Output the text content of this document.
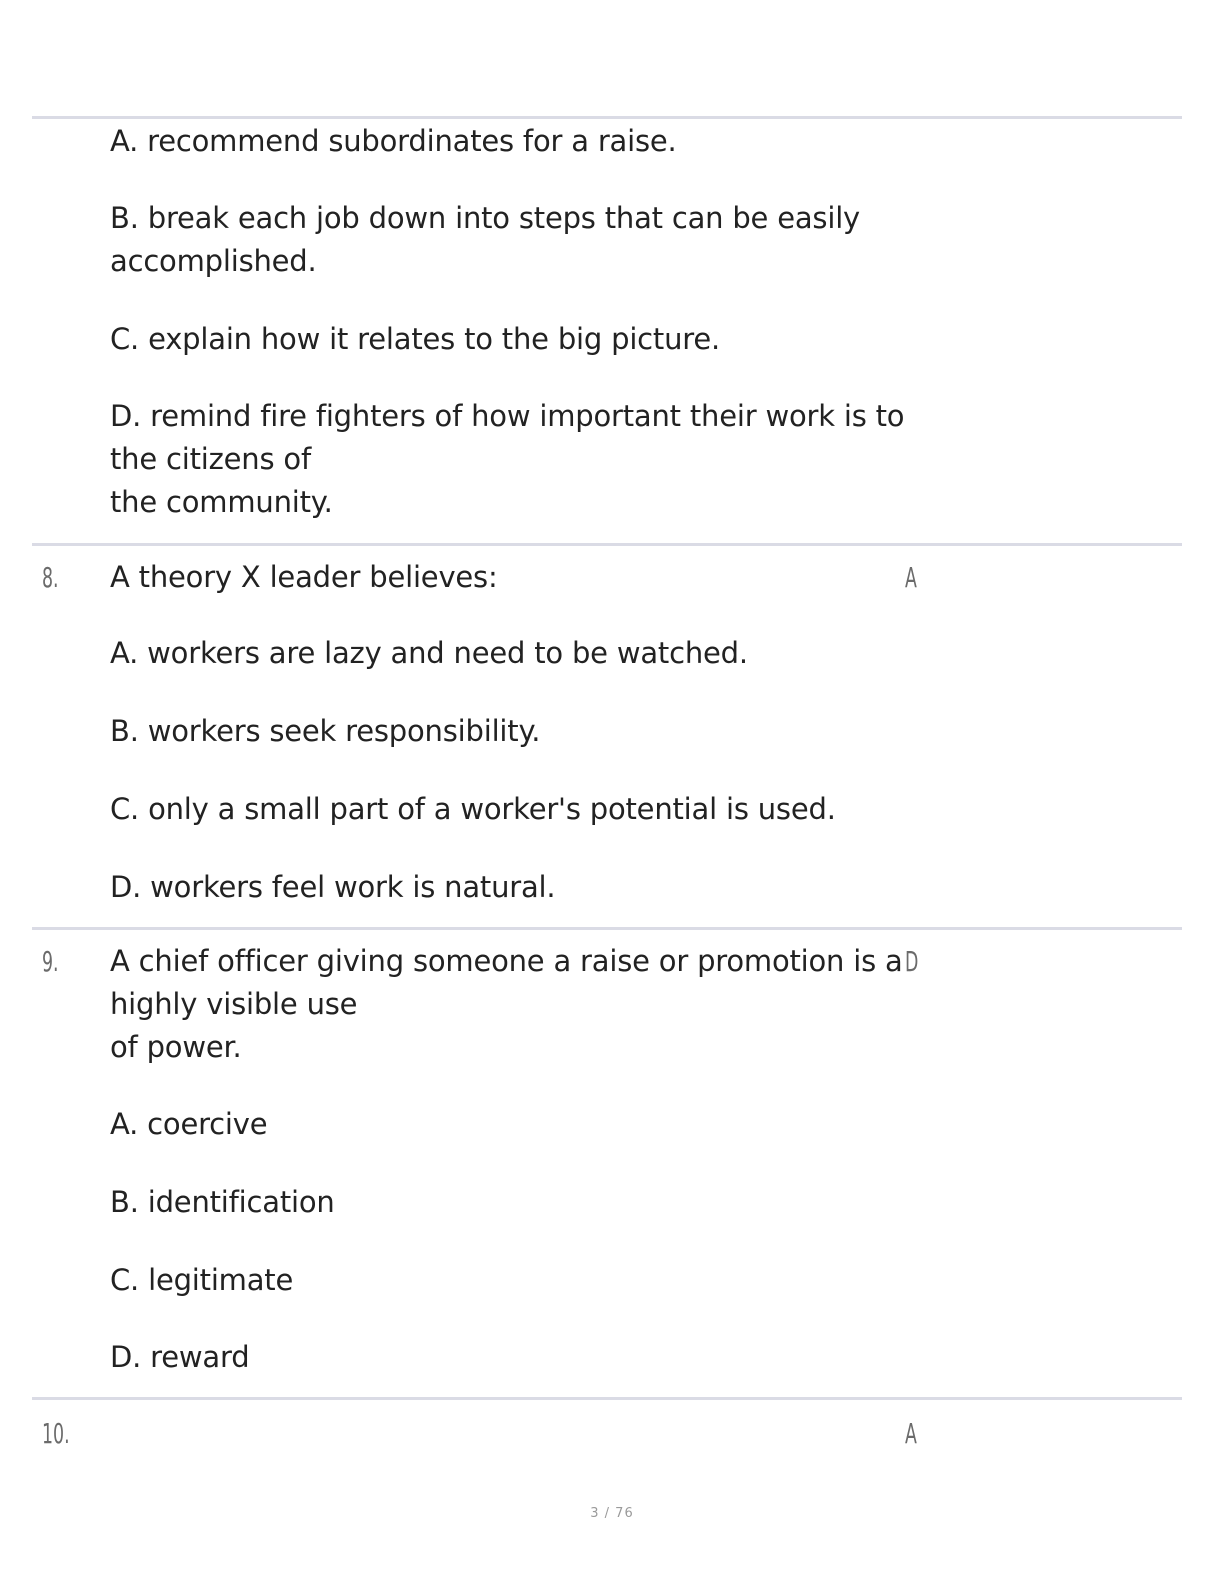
A. recommend subordinates for a raise.
B. break each job down into steps that can be easily accomplished.
C. explain how it relates to the big picture.
D. remind fire fighters of how important their work is to the citizens of
the community.
8. A theory X leader believes:	A
A. workers are lazy and need to be watched.
B. workers seek responsibility.
C. only a small part of a worker's potential is used.
D. workers feel work is natural.
9. A chief officer giving someone a raise or promotion is a highly visible use
of power.
D
A. coercive
B. identification
C. legitimate
D. reward
10.	A
3 / 76
